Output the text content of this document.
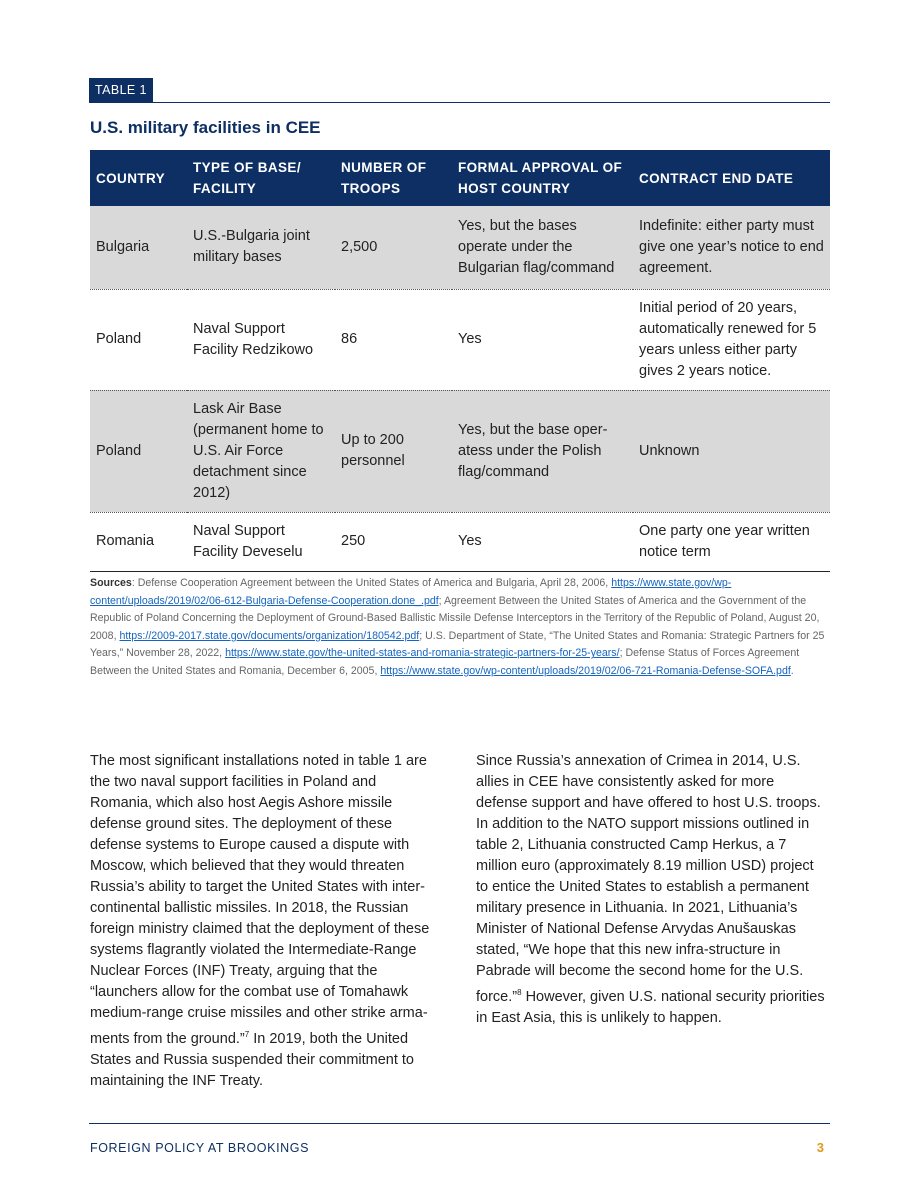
TABLE 1
U.S. military facilities in CEE
COUNTRY	TYPE OF BASE/ FACILITY	NUMBER OF TROOPS	FORMAL APPROVAL OF HOST COUNTRY	CONTRACT END DATE
Bulgaria	U.S.-Bulgaria joint military bases	2,500	Yes, but the bases operate under the Bulgarian flag/command	Indefinite: either party must give one year’s notice to end agreement.
Poland	Naval Support Facility Redzikowo	86	Yes	Initial period of 20 years, automatically renewed for 5 years unless either party gives 2 years notice.
Poland	Lask Air Base (permanent home to U.S. Air Force detachment since 2012)	Up to 200 personnel	Yes, but the base oper-atess under the Polish flag/command	Unknown
Romania	Naval Support Facility Deveselu	250	Yes	One party one year written notice term
Sources: Defense Cooperation Agreement between the United States of America and Bulgaria, April 28, 2006, https://www.state.gov/wp-content/uploads/2019/02/06-612-Bulgaria-Defense-Cooperation.done_.pdf; Agreement Between the United States of America and the Government of the Republic of Poland Concerning the Deployment of Ground-Based Ballistic Missile Defense Interceptors in the Territory of the Republic of Poland, August 20, 2008, https://2009-2017.state.gov/documents/organization/180542.pdf; U.S. Department of State, “The United States and Romania: Strategic Partners for 25 Years,” November 28, 2022, https://www.state.gov/the-united-states-and-romania-strategic-partners-for-25-years/; Defense Status of Forces Agreement Between the United States and Romania, December 6, 2005, https://www.state.gov/wp-content/uploads/2019/02/06-721-Romania-Defense-SOFA.pdf.
The most significant installations noted in table 1 are the two naval support facilities in Poland and Romania, which also host Aegis Ashore missile defense ground sites. The deployment of these defense systems to Europe caused a dispute with Moscow, which believed that they would threaten Russia’s ability to target the United States with inter-continental ballistic missiles. In 2018, the Russian foreign ministry claimed that the deployment of these systems flagrantly violated the Intermediate-Range Nuclear Forces (INF) Treaty, arguing that the “launchers allow for the combat use of Tomahawk medium-range cruise missiles and other strike arma-ments from the ground.”$^7$ In 2019, both the United States and Russia suspended their commitment to maintaining the INF Treaty.
Since Russia’s annexation of Crimea in 2014, U.S. allies in CEE have consistently asked for more defense support and have offered to host U.S. troops. In addition to the NATO support missions outlined in table 2, Lithuania constructed Camp Herkus, a 7 million euro (approximately 8.19 million USD) project to entice the United States to establish a permanent military presence in Lithuania. In 2021, Lithuania’s Minister of National Defense Arvydas Anušauskas stated, “We hope that this new infra-structure in Pabrade will become the second home for the U.S. force.”$^8$ However, given U.S. national security priorities in East Asia, this is unlikely to happen.
FOREIGN POLICY AT BROOKINGS	3
